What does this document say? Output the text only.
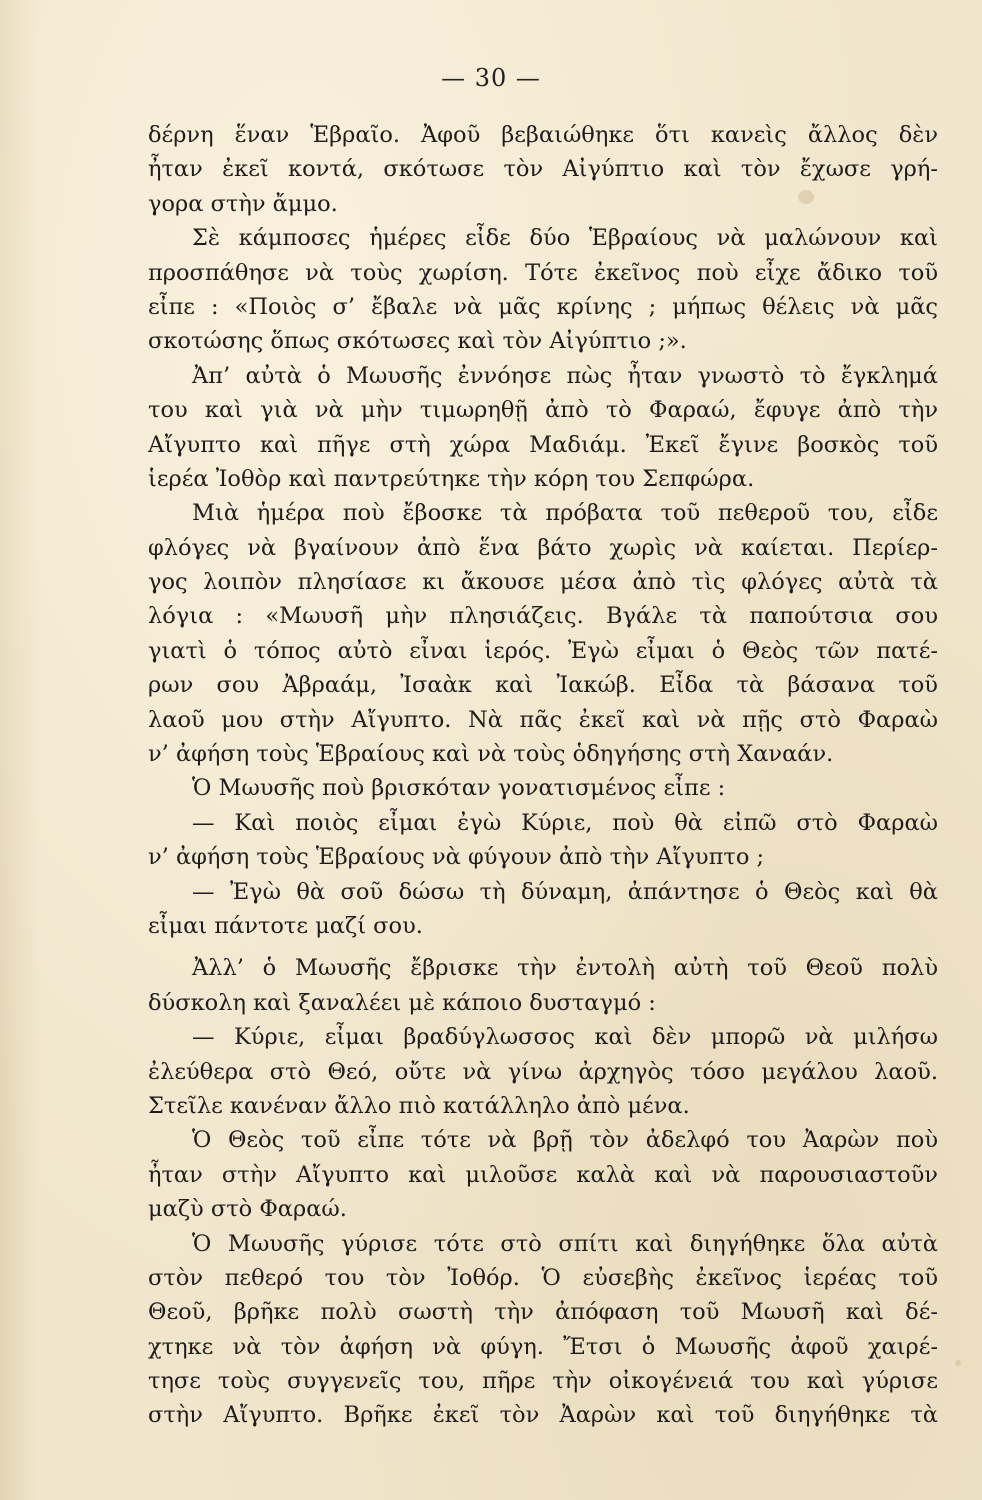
— 30 —
δέρνη ἕναν Ἑβραῖο. Ἀφοῦ βεβαιώθηκε ὅτι κανεὶς ἄλλος δὲν
ἦταν ἐκεῖ κοντά, σκότωσε τὸν Αἰγύπτιο καὶ τὸν ἔχωσε γρή-
γορα στὴν ἄμμο.
Σὲ κάμποσες ἡμέρες εἶδε δύο Ἑβραίους νὰ μαλώνουν καὶ
προσπάθησε νὰ τοὺς χωρίση. Τότε ἐκεῖνος ποὺ εἶχε ἄδικο τοῦ
εἶπε : «Ποιὸς σ’ ἔβαλε νὰ μᾶς κρίνης ; μήπως θέλεις νὰ μᾶς
σκοτώσης ὅπως σκότωσες καὶ τὸν Αἰγύπτιο ;».
Ἀπ’ αὐτὰ ὁ Μωυσῆς ἐννόησε πὼς ἦταν γνωστὸ τὸ ἔγκλημά
του καὶ γιὰ νὰ μὴν τιμωρηθῇ ἀπὸ τὸ Φαραώ, ἔφυγε ἀπὸ τὴν
Αἴγυπτο καὶ πῆγε στὴ χώρα Μαδιάμ. Ἐκεῖ ἔγινε βοσκὸς τοῦ
ἱερέα Ἰοθὸρ καὶ παντρεύτηκε τὴν κόρη του Σεπφώρα.
Μιὰ ἡμέρα ποὺ ἔβοσκε τὰ πρόβατα τοῦ πεθεροῦ του, εἶδε
φλόγες νὰ βγαίνουν ἀπὸ ἕνα βάτο χωρὶς νὰ καίεται. Περίερ-
γος λοιπὸν πλησίασε κι ἄκουσε μέσα ἀπὸ τὶς φλόγες αὐτὰ τὰ
λόγια : «Μωυσῆ μὴν πλησιάζεις. Βγάλε τὰ παπούτσια σου
γιατὶ ὁ τόπος αὐτὸ εἶναι ἱερός. Ἐγὼ εἶμαι ὁ Θεὸς τῶν πατέ-
ρων σου Ἀβραάμ, Ἰσαὰκ καὶ Ἰακώβ. Εἶδα τὰ βάσανα τοῦ
λαοῦ μου στὴν Αἴγυπτο. Νὰ πᾶς ἐκεῖ καὶ νὰ πῇς στὸ Φαραὼ
ν’ ἀφήση τοὺς Ἑβραίους καὶ νὰ τοὺς ὁδηγήσης στὴ Χαναάν.
Ὁ Μωυσῆς ποὺ βρισκόταν γονατισμένος εἶπε :
— Καὶ ποιὸς εἶμαι ἐγὼ Κύριε, ποὺ θὰ εἰπῶ στὸ Φαραὼ
ν’ ἀφήση τοὺς Ἑβραίους νὰ φύγουν ἀπὸ τὴν Αἴγυπτο ;
— Ἐγὼ θὰ σοῦ δώσω τὴ δύναμη, ἀπάντησε ὁ Θεὸς καὶ θὰ
εἶμαι πάντοτε μαζί σου.
Ἀλλ’ ὁ Μωυσῆς ἔβρισκε τὴν ἐντολὴ αὐτὴ τοῦ Θεοῦ πολὺ
δύσκολη καὶ ξαναλέει μὲ κάποιο δυσταγμό :
— Κύριε, εἶμαι βραδύγλωσσος καὶ δὲν μπορῶ νὰ μιλήσω
ἐλεύθερα στὸ Θεό, οὔτε νὰ γίνω ἀρχηγὸς τόσο μεγάλου λαοῦ.
Στεῖλε κανέναν ἄλλο πιὸ κατάλληλο ἀπὸ μένα.
Ὁ Θεὸς τοῦ εἶπε τότε νὰ βρῇ τὸν ἀδελφό του Ἀαρὼν ποὺ
ἦταν στὴν Αἴγυπτο καὶ μιλοῦσε καλὰ καὶ νὰ παρουσιαστοῦν
μαζὺ στὸ Φαραώ.
Ὁ Μωυσῆς γύρισε τότε στὸ σπίτι καὶ διηγήθηκε ὅλα αὐτὰ
στὸν πεθερό του τὸν Ἰοθόρ. Ὁ εὐσεβὴς ἐκεῖνος ἱερέας τοῦ
Θεοῦ, βρῆκε πολὺ σωστὴ τὴν ἀπόφαση τοῦ Μωυσῆ καὶ δέ-
χτηκε νὰ τὸν ἀφήση νὰ φύγη. Ἔτσι ὁ Μωυσῆς ἀφοῦ χαιρέ-
τησε τοὺς συγγενεῖς του, πῆρε τὴν οἰκογένειά του καὶ γύρισε
στὴν Αἴγυπτο. Βρῆκε ἐκεῖ τὸν Ἀαρὼν καὶ τοῦ διηγήθηκε τὰ
